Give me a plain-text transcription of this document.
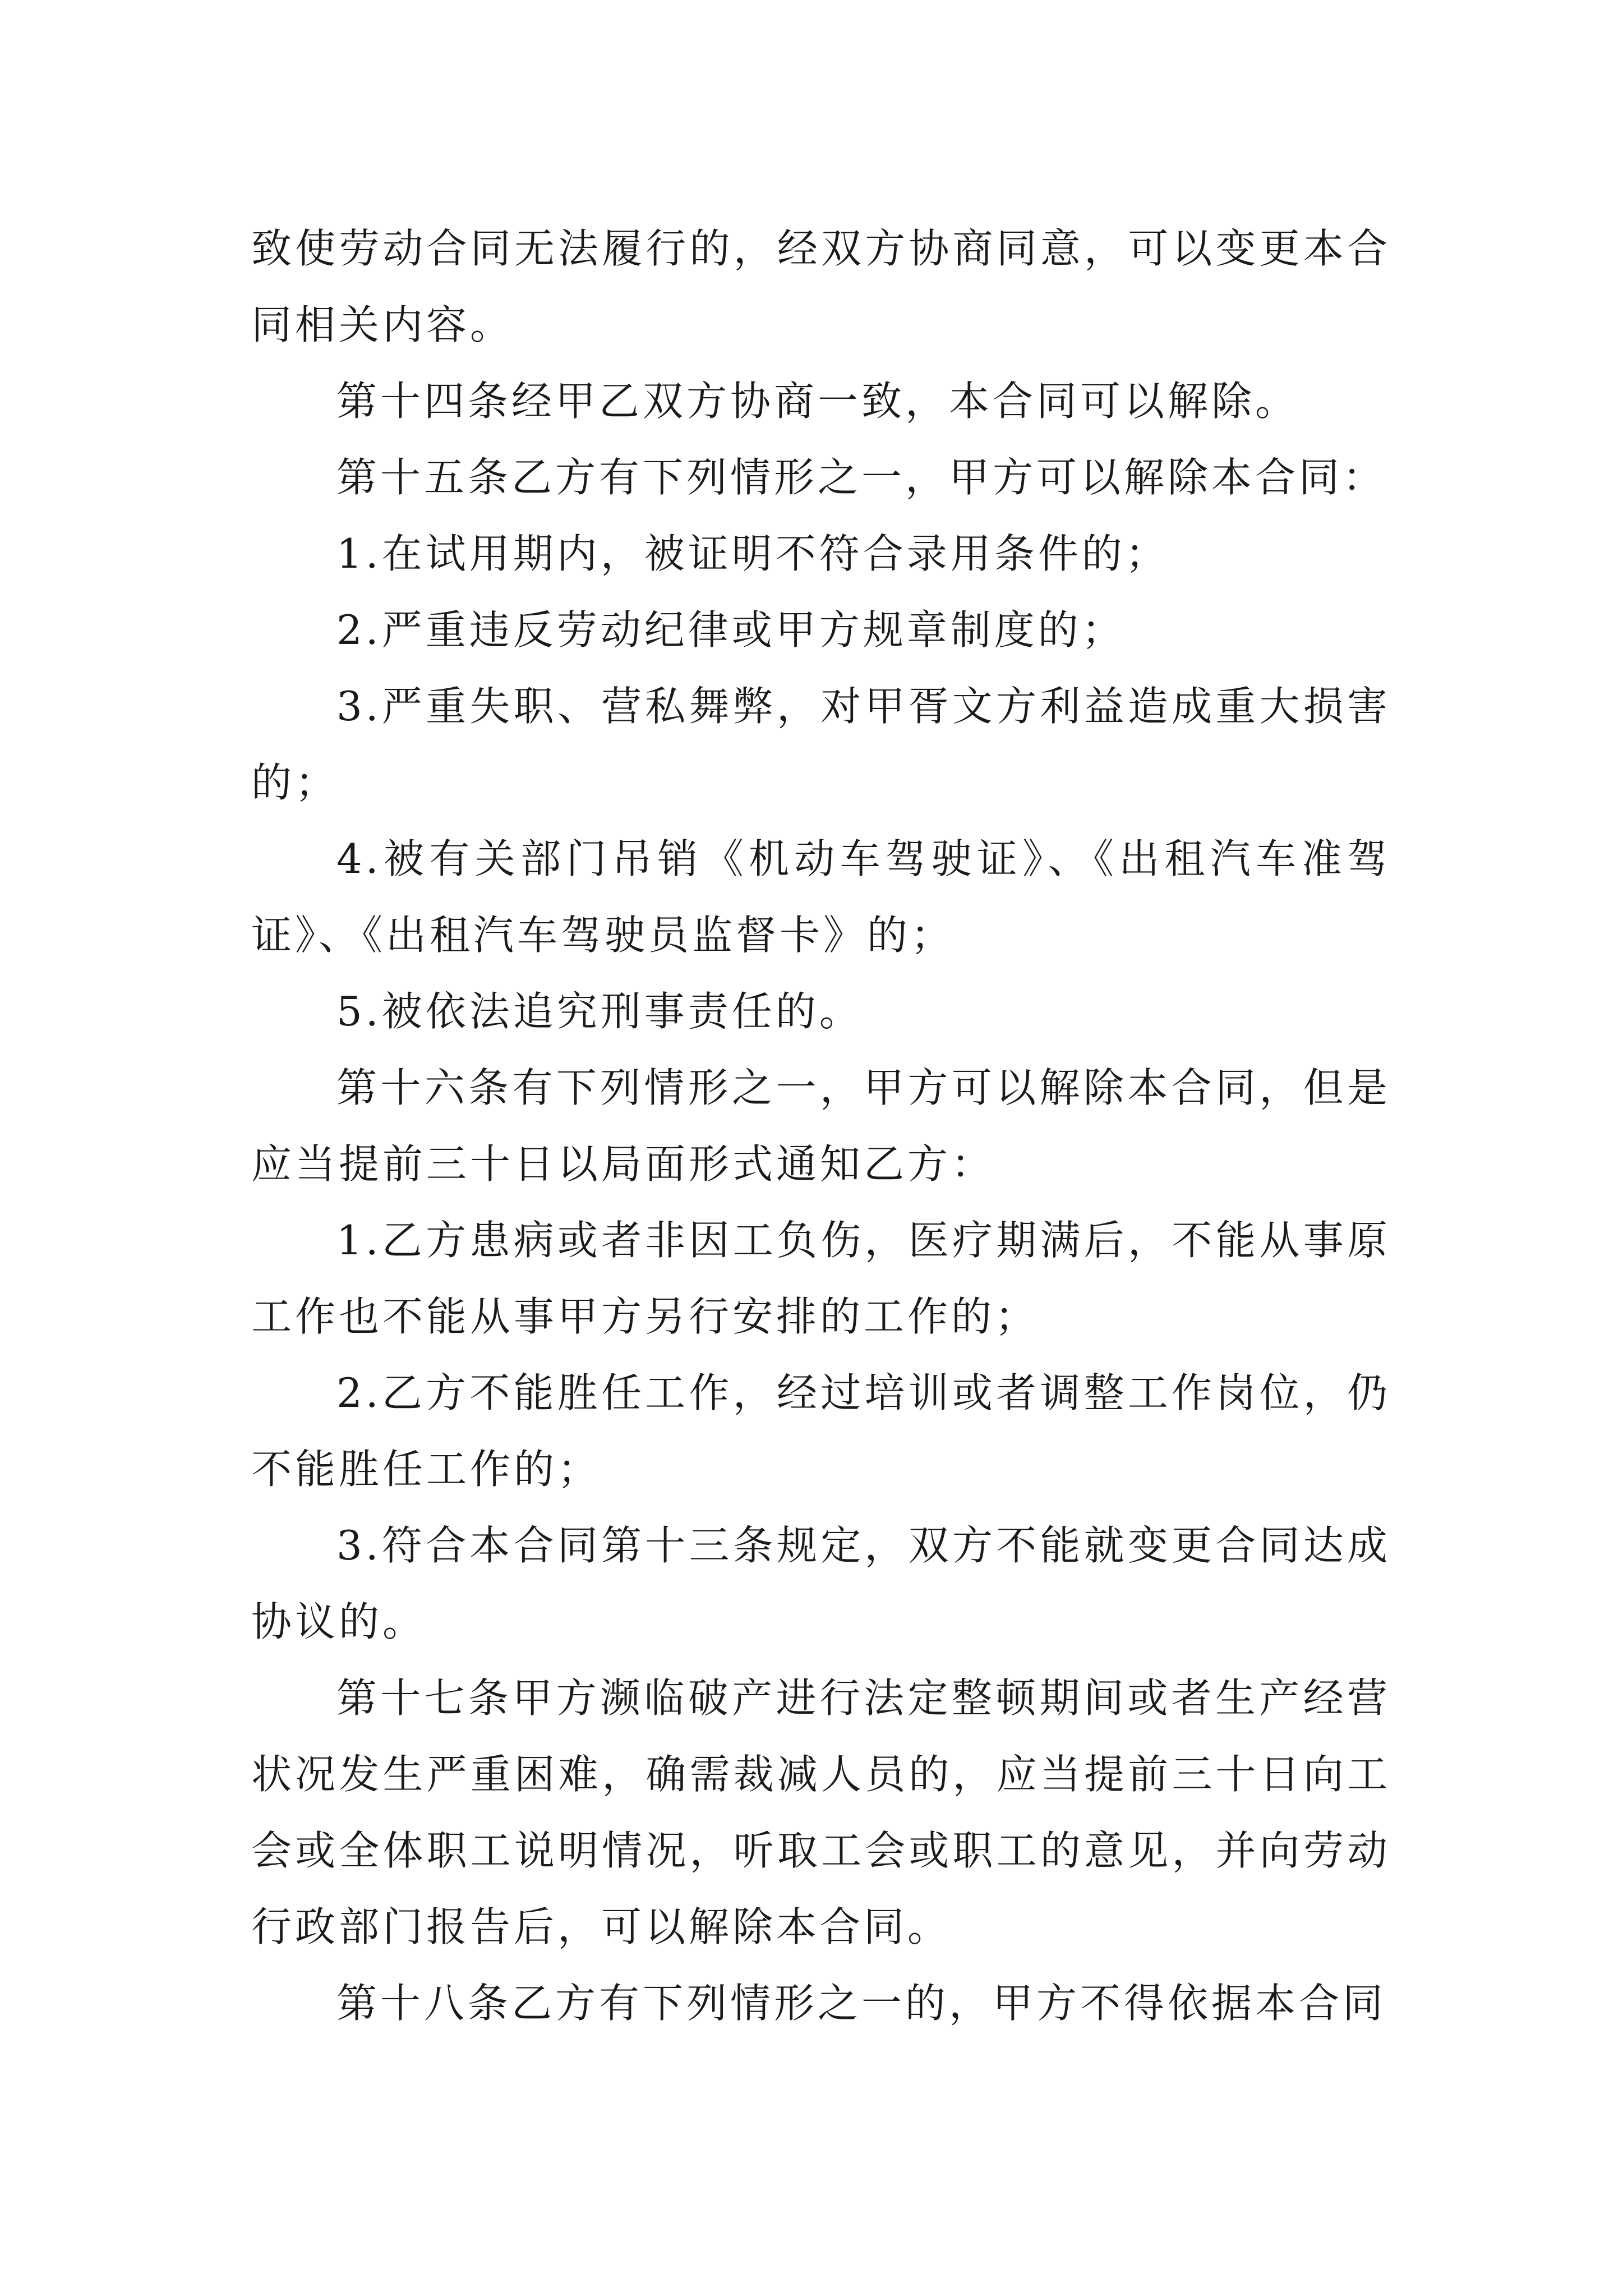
致使劳动合同无法履行的，经双方协商同意，可以变更本合同相关内容。

第十四条经甲乙双方协商一致，本合同可以解除。

第十五条乙方有下列情形之一，甲方可以解除本合同：

1.在试用期内，被证明不符合录用条件的；

2.严重违反劳动纪律或甲方规章制度的；

3.严重失职、营私舞弊，对甲胥文方利益造成重大损害的；

4.被有关部门吊销《机动车驾驶证》、《出租汽车准驾证》、《出租汽车驾驶员监督卡》的；

5.被依法追究刑事责任的。

第十六条有下列情形之一，甲方可以解除本合同，但是应当提前三十日以局面形式通知乙方：

1.乙方患病或者非因工负伤，医疗期满后，不能从事原工作也不能从事甲方另行安排的工作的；

2.乙方不能胜任工作，经过培训或者调整工作岗位，仍不能胜任工作的；

3.符合本合同第十三条规定，双方不能就变更合同达成协议的。

第十七条甲方濒临破产进行法定整顿期间或者生产经营状况发生严重困难，确需裁减人员的，应当提前三十日向工会或全体职工说明情况，听取工会或职工的意见，并向劳动行政部门报告后，可以解除本合同。

第十八条乙方有下列情形之一的，甲方不得依据本合同
